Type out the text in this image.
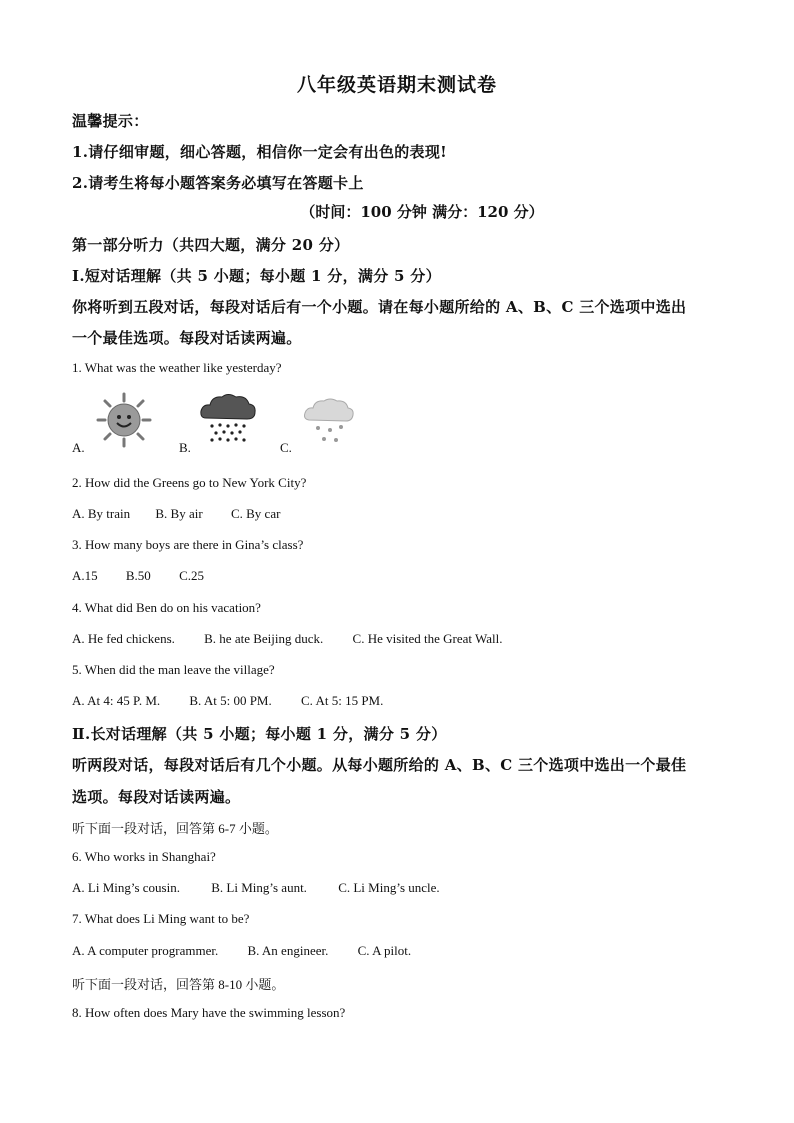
八年级英语期末测试卷
温馨提示：
1.请仔细审题，细心答题，相信你一定会有出色的表现!
2.请考生将每小题答案务必填写在答题卡上
（时间：100 分钟 满分：120 分）
第一部分听力（共四大题，满分 20 分）
I.短对话理解（共 5 小题；每小题 1 分，满分 5 分）
你将听到五段对话，每段对话后有一个小题。请在每小题所给的 A、B、C 三个选项中选出
一个最佳选项。每段对话读两遍。
1. What was the weather like yesterday?
A.	B.	C.
2. How did the Greens go to New York City?
A. By train B. By air C. By car
3. How many boys are there in Gina’s class?
A.15 B.50 C.25
4. What did Ben do on his vacation?
A. He fed chickens. B. he ate Beijing duck. C. He visited the Great Wall.
5. When did the man leave the village?
A. At 4: 45 P. M. B. At 5: 00 PM. C. At 5: 15 PM.
Ⅱ.长对话理解（共 5 小题；每小题 1 分，满分 5 分）
听两段对话，每段对话后有几个小题。从每小题所给的 A、B、C 三个选项中选出一个最佳
选项。每段对话读两遍。
听下面一段对话，回答第 6-7 小题。
6. Who works in Shanghai?
A. Li Ming’s cousin. B. Li Ming’s aunt. C. Li Ming’s uncle.
7. What does Li Ming want to be?
A. A computer programmer. B. An engineer. C. A pilot.
听下面一段对话，回答第 8-10 小题。
8. How often does Mary have the swimming lesson?
